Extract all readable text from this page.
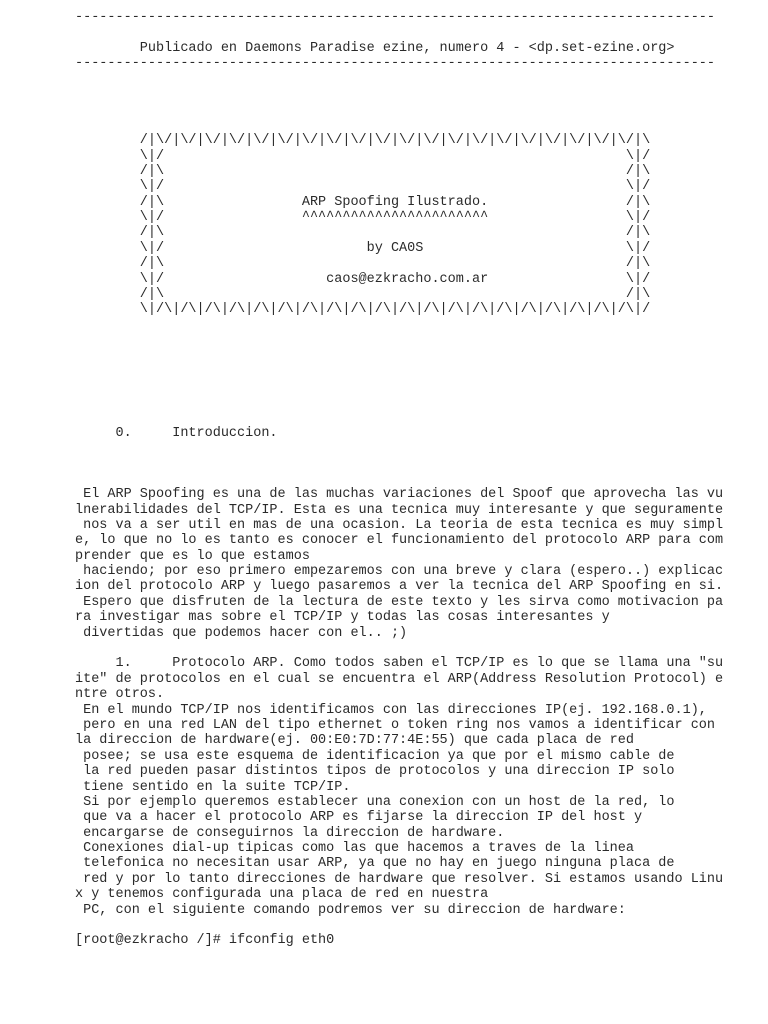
-------------------------------------------------------------------------------
Publicado en Daemons Paradise ezine, numero 4 - <dp.set-ezine.org>
-------------------------------------------------------------------------------
/|\/|\/|\/|\/|\/|\/|\/|\/|\/|\/|\/|\/|\/|\/|\/|\/|\/|\/|\/|\/|\
\|/                                                         \|/
/|\                                                         /|\
\|/                                                         \|/
/|\                 ARP Spoofing Ilustrado.                 /|\
\|/                 ^^^^^^^^^^^^^^^^^^^^^^^                 \|/
/|\                                                         /|\
\|/                         by CA0S                         \|/
/|\                                                         /|\
\|/                    caos@ezkracho.com.ar                 \|/
/|\                                                         /|\
\|/\|/\|/\|/\|/\|/\|/\|/\|/\|/\|/\|/\|/\|/\|/\|/\|/\|/\|/\|/\|/
0.     Introduccion.
El ARP Spoofing es una de las muchas variaciones del Spoof que aprovecha las vu
lnerabilidades del TCP/IP. Esta es una tecnica muy interesante y que seguramente
nos va a ser util en mas de una ocasion. La teoria de esta tecnica es muy simpl
e, lo que no lo es tanto es conocer el funcionamiento del protocolo ARP para com
prender que es lo que estamos
haciendo; por eso primero empezaremos con una breve y clara (espero..) explicac
ion del protocolo ARP y luego pasaremos a ver la tecnica del ARP Spoofing en si.
Espero que disfruten de la lectura de este texto y les sirva como motivacion pa
ra investigar mas sobre el TCP/IP y todas las cosas interesantes y
divertidas que podemos hacer con el.. ;)
1.     Protocolo ARP. Como todos saben el TCP/IP es lo que se llama una "su
ite" de protocolos en el cual se encuentra el ARP(Address Resolution Protocol) e
ntre otros.
En el mundo TCP/IP nos identificamos con las direcciones IP(ej. 192.168.0.1),
pero en una red LAN del tipo ethernet o token ring nos vamos a identificar con
la direccion de hardware(ej. 00:E0:7D:77:4E:55) que cada placa de red
posee; se usa este esquema de identificacion ya que por el mismo cable de
la red pueden pasar distintos tipos de protocolos y una direccion IP solo
tiene sentido en la suite TCP/IP.
Si por ejemplo queremos establecer una conexion con un host de la red, lo
que va a hacer el protocolo ARP es fijarse la direccion IP del host y
encargarse de conseguirnos la direccion de hardware.
Conexiones dial-up tipicas como las que hacemos a traves de la linea
telefonica no necesitan usar ARP, ya que no hay en juego ninguna placa de
red y por lo tanto direcciones de hardware que resolver. Si estamos usando Linu
x y tenemos configurada una placa de red en nuestra
PC, con el siguiente comando podremos ver su direccion de hardware:
[root@ezkracho /]# ifconfig eth0
